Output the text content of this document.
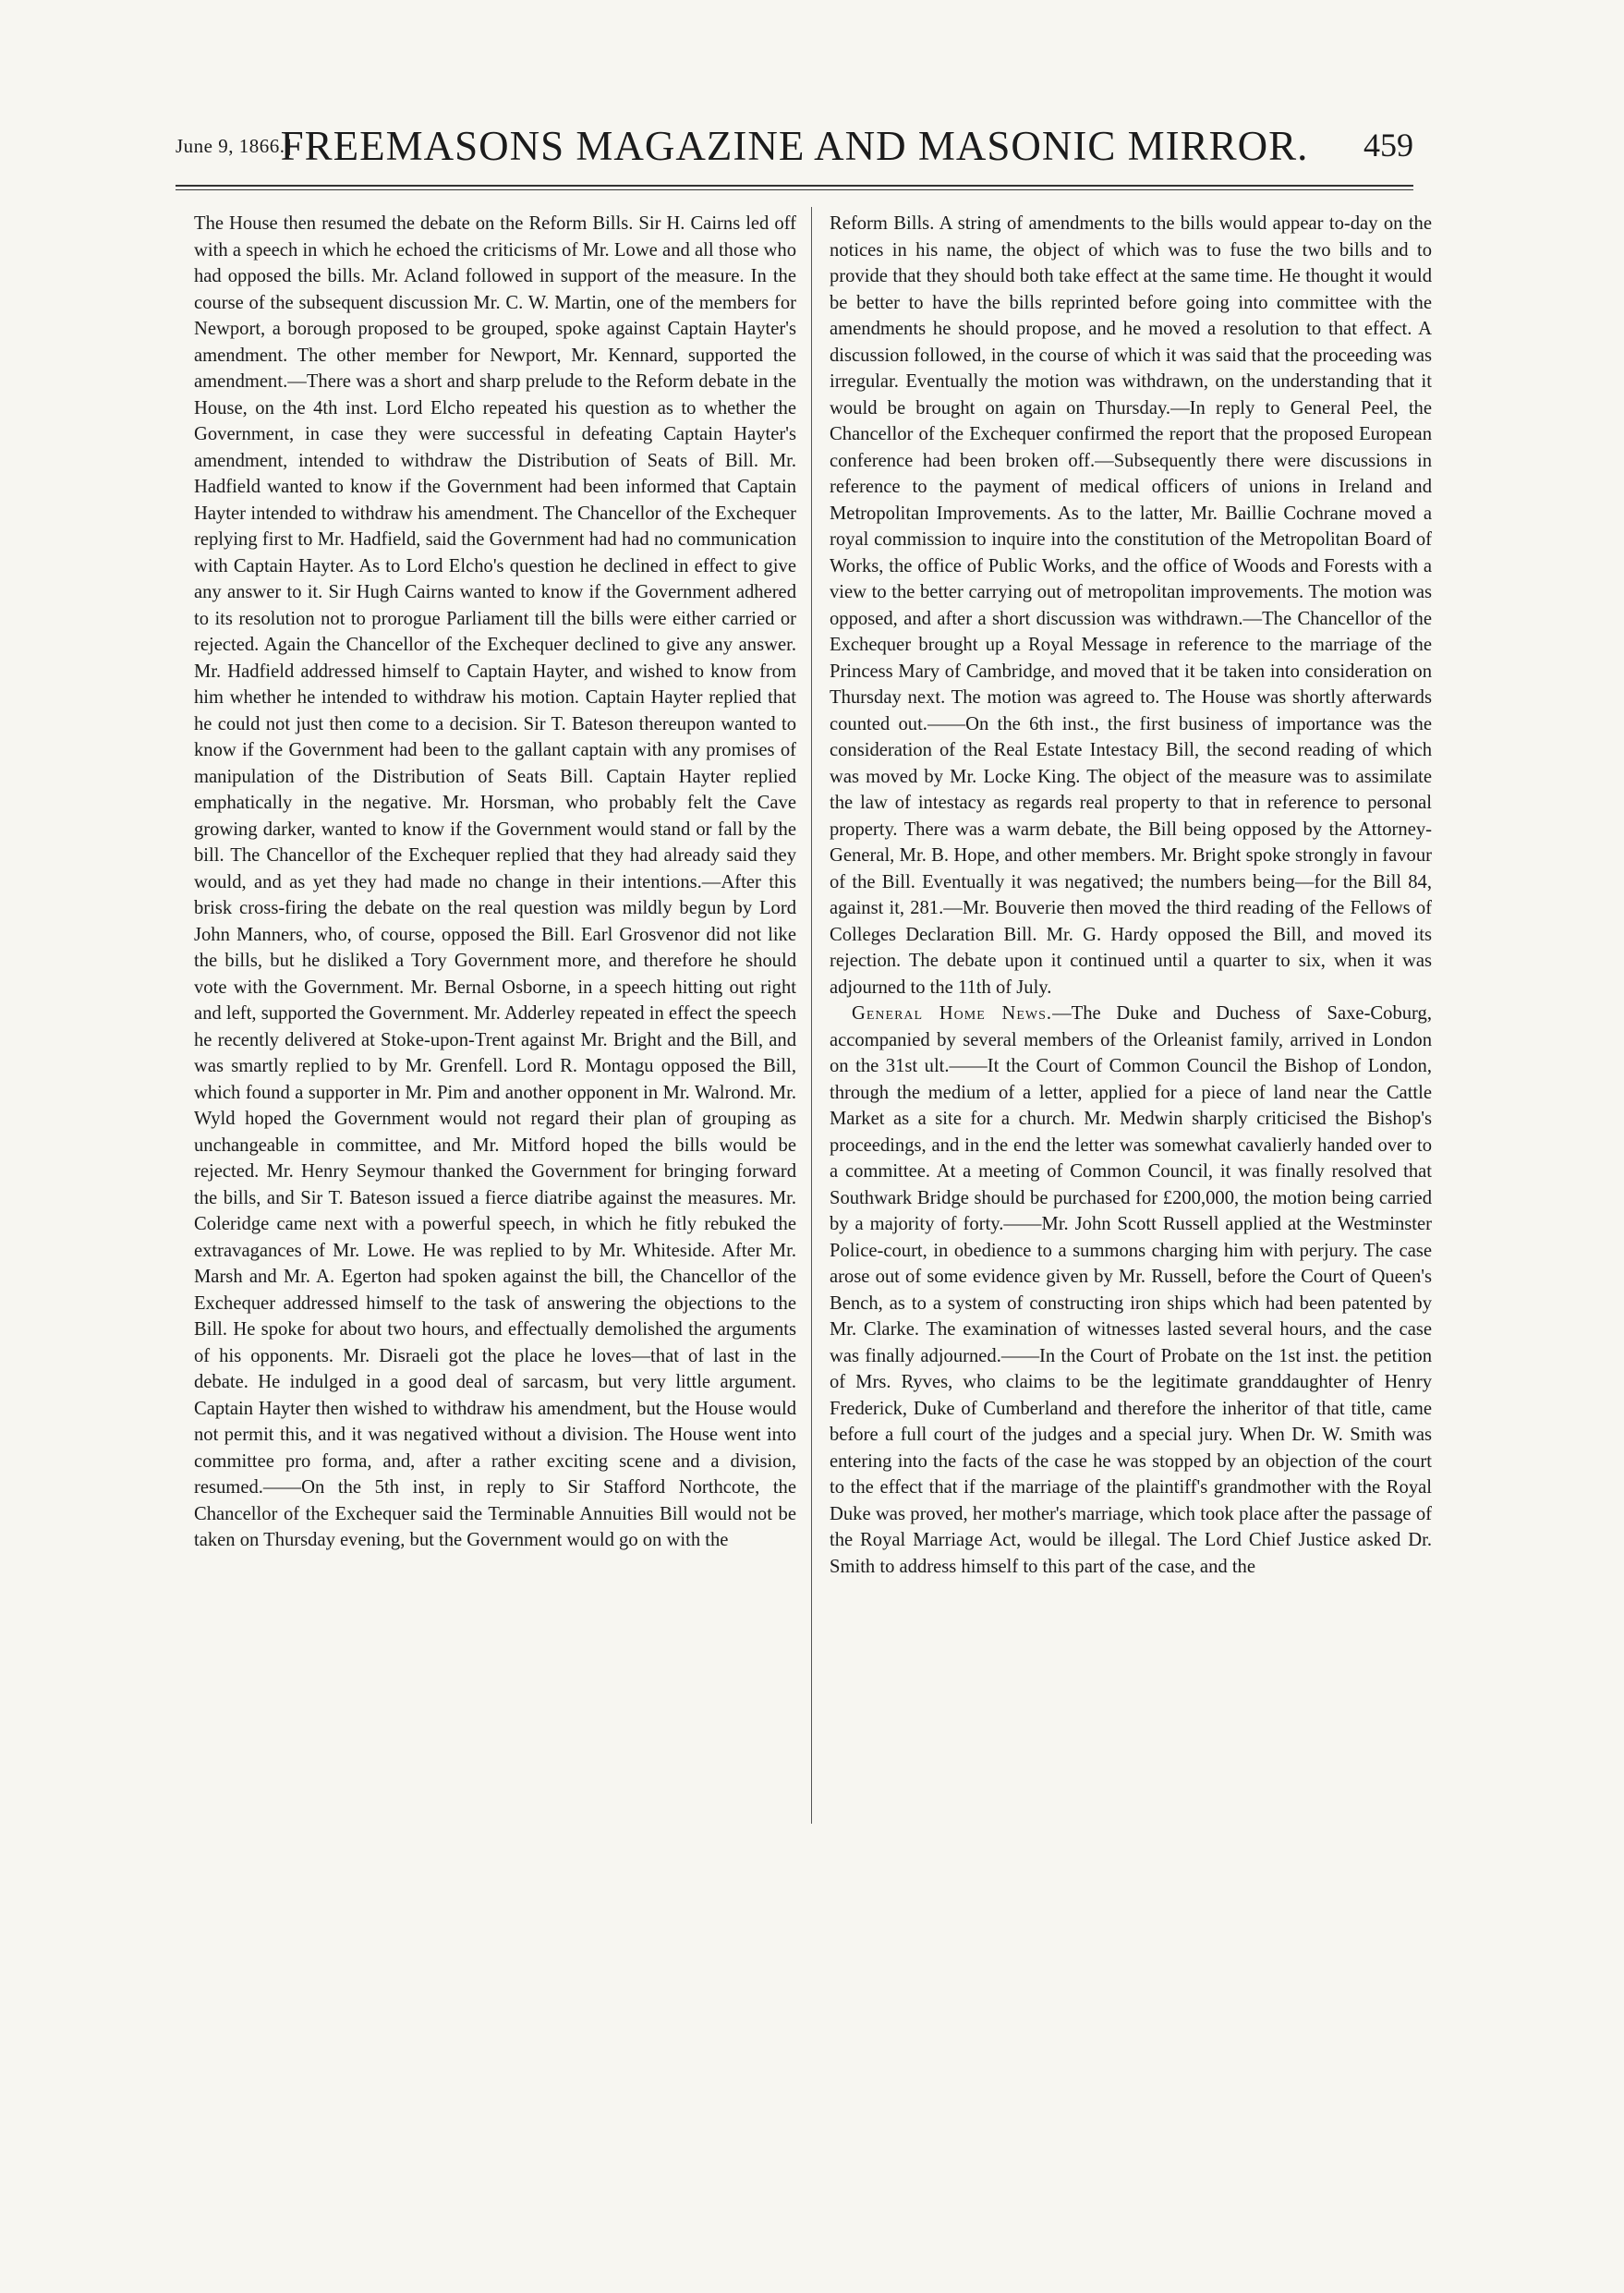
June 9, 1866.]
FREEMASONS MAGAZINE AND MASONIC MIRROR.	459

The House then resumed the debate on the Reform Bills. Sir H. Cairns led off with a speech in which he echoed the criticisms of Mr. Lowe and all those who had opposed the bills. Mr. Acland followed in support of the measure. In the course of the subsequent discussion Mr. C. W. Martin, one of the members for Newport, a borough proposed to be grouped, spoke against Captain Hayter's amendment. The other member for Newport, Mr. Kennard, supported the amendment.—There was a short and sharp prelude to the Reform debate in the House, on the 4th inst. Lord Elcho repeated his question as to whether the Government, in case they were successful in defeating Captain Hayter's amendment, intended to withdraw the Distribution of Seats of Bill. Mr. Hadfield wanted to know if the Government had been informed that Captain Hayter intended to withdraw his amendment. The Chancellor of the Exchequer replying first to Mr. Hadfield, said the Government had had no communication with Captain Hayter. As to Lord Elcho's question he declined in effect to give any answer to it. Sir Hugh Cairns wanted to know if the Government adhered to its resolution not to prorogue Parliament till the bills were either carried or rejected. Again the Chancellor of the Exchequer declined to give any answer. Mr. Hadfield addressed himself to Captain Hayter, and wished to know from him whether he intended to withdraw his motion. Captain Hayter replied that he could not just then come to a decision. Sir T. Bateson thereupon wanted to know if the Government had been to the gallant captain with any promises of manipulation of the Distribution of Seats Bill. Captain Hayter replied emphatically in the negative. Mr. Horsman, who probably felt the Cave growing darker, wanted to know if the Government would stand or fall by the bill. The Chancellor of the Exchequer replied that they had already said they would, and as yet they had made no change in their intentions.—After this brisk cross-firing the debate on the real question was mildly begun by Lord John Manners, who, of course, opposed the Bill. Earl Grosvenor did not like the bills, but he disliked a Tory Government more, and therefore he should vote with the Government. Mr. Bernal Osborne, in a speech hitting out right and left, supported the Government. Mr. Adderley repeated in effect the speech he recently delivered at Stoke-upon-Trent against Mr. Bright and the Bill, and was smartly replied to by Mr. Grenfell. Lord R. Montagu opposed the Bill, which found a supporter in Mr. Pim and another opponent in Mr. Walrond. Mr. Wyld hoped the Government would not regard their plan of grouping as unchangeable in committee, and Mr. Mitford hoped the bills would be rejected. Mr. Henry Seymour thanked the Government for bringing forward the bills, and Sir T. Bateson issued a fierce diatribe against the measures. Mr. Coleridge came next with a powerful speech, in which he fitly rebuked the extravagances of Mr. Lowe. He was replied to by Mr. Whiteside. After Mr. Marsh and Mr. A. Egerton had spoken against the bill, the Chancellor of the Exchequer addressed himself to the task of answering the objections to the Bill. He spoke for about two hours, and effectually demolished the arguments of his opponents. Mr. Disraeli got the place he loves—that of last in the debate. He indulged in a good deal of sarcasm, but very little argument. Captain Hayter then wished to withdraw his amendment, but the House would not permit this, and it was negatived without a division. The House went into committee pro forma, and, after a rather exciting scene and a division, resumed.——On the 5th inst, in reply to Sir Stafford Northcote, the Chancellor of the Exchequer said the Terminable Annuities Bill would not be taken on Thursday evening, but the Government would go on with the

Reform Bills. A string of amendments to the bills would appear to-day on the notices in his name, the object of which was to fuse the two bills and to provide that they should both take effect at the same time. He thought it would be better to have the bills reprinted before going into committee with the amendments he should propose, and he moved a resolution to that effect. A discussion followed, in the course of which it was said that the proceeding was irregular. Eventually the motion was withdrawn, on the understanding that it would be brought on again on Thursday.—In reply to General Peel, the Chancellor of the Exchequer confirmed the report that the proposed European conference had been broken off.—Subsequently there were discussions in reference to the payment of medical officers of unions in Ireland and Metropolitan Improvements. As to the latter, Mr. Baillie Cochrane moved a royal commission to inquire into the constitution of the Metropolitan Board of Works, the office of Public Works, and the office of Woods and Forests with a view to the better carrying out of metropolitan improvements. The motion was opposed, and after a short discussion was withdrawn.—The Chancellor of the Exchequer brought up a Royal Message in reference to the marriage of the Princess Mary of Cambridge, and moved that it be taken into consideration on Thursday next. The motion was agreed to. The House was shortly afterwards counted out.——On the 6th inst., the first business of importance was the consideration of the Real Estate Intestacy Bill, the second reading of which was moved by Mr. Locke King. The object of the measure was to assimilate the law of intestacy as regards real property to that in reference to personal property. There was a warm debate, the Bill being opposed by the Attorney-General, Mr. B. Hope, and other members. Mr. Bright spoke strongly in favour of the Bill. Eventually it was negatived; the numbers being—for the Bill 84, against it, 281.—Mr. Bouverie then moved the third reading of the Fellows of Colleges Declaration Bill. Mr. G. Hardy opposed the Bill, and moved its rejection. The debate upon it continued until a quarter to six, when it was adjourned to the 11th of July.

General Home News.—The Duke and Duchess of Saxe-Coburg, accompanied by several members of the Orleanist family, arrived in London on the 31st ult.——It the Court of Common Council the Bishop of London, through the medium of a letter, applied for a piece of land near the Cattle Market as a site for a church. Mr. Medwin sharply criticised the Bishop's proceedings, and in the end the letter was somewhat cavalierly handed over to a committee. At a meeting of Common Council, it was finally resolved that Southwark Bridge should be purchased for £200,000, the motion being carried by a majority of forty.——Mr. John Scott Russell applied at the Westminster Police-court, in obedience to a summons charging him with perjury. The case arose out of some evidence given by Mr. Russell, before the Court of Queen's Bench, as to a system of constructing iron ships which had been patented by Mr. Clarke. The examination of witnesses lasted several hours, and the case was finally adjourned.——In the Court of Probate on the 1st inst. the petition of Mrs. Ryves, who claims to be the legitimate granddaughter of Henry Frederick, Duke of Cumberland and therefore the inheritor of that title, came before a full court of the judges and a special jury. When Dr. W. Smith was entering into the facts of the case he was stopped by an objection of the court to the effect that if the marriage of the plaintiff's grandmother with the Royal Duke was proved, her mother's marriage, which took place after the passage of the Royal Marriage Act, would be illegal. The Lord Chief Justice asked Dr. Smith to address himself to this part of the case, and the
